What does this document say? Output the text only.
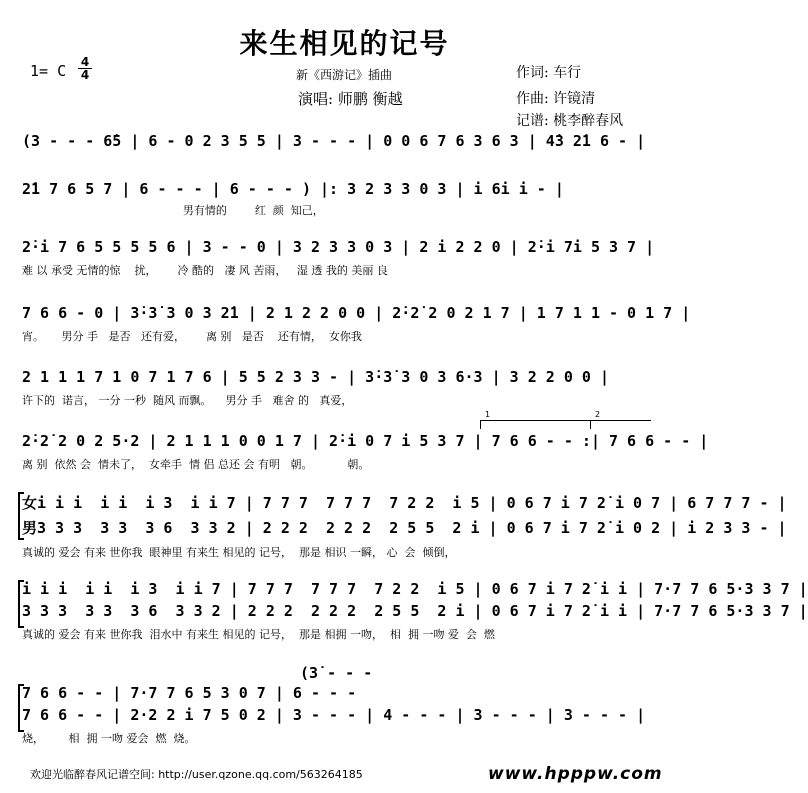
来生相见的记号
1= C 4
4	新《西游记》插曲
演唱: 师鹏 衡越
作词: 车行
作曲: 许镜清
记谱: 桃李醉春风
(3 - - - 6̇5 | 6 - 0 2 3 5 5 | 3 - - - | 0 0 6 7 6 3 6 3 | 4̇3 2̇1 6 - |
2̇1 7 6 5 7 | 6 - - - | 6 - - - ) |: 3 2 3 3 0 3 | i 6i i - |
男有情的        红  颜  知己，
2̇·i 7 6 5 5 5 5 6 | 3 - - 0 | 3 2 3 3 0 3 | 2 i 2 2 0 | 2̇·i 7i 5 3 7 |
难 以 承受 无情的惊    扰，      冷 酷的   凄 风 苦雨，   湿 透 我的 美丽 良
7 6 6 - 0 | 3̇·3̇ 3 0 3 2̇1 | 2 1 2 2 0 0 | 2̇·2̇ 2 0 2 1 7 | 1 7 1 1 - 0 1 7 |
宵。     男分 手   是否   还有爱，      离 别   是否    还有情，  女你我
2 1 1 1 7 1 0 7 1 7 6 | 5 5 2 3 3 - | 3̇·3̇ 3 0 3 6·3 | 3 2 2 0 0 |
许下的  诺言， 一分 一秒  随风 而飘。    男分 手   难舍 的   真爱，
1	2
2̇·2̇ 2 0 2 5·2 | 2 1 1 1 0 0 1 7 | 2̇·i 0 7 i 5 3 7 | 7 6 6 - - :| 7 6 6 - - |
离 别  依然 会  情未了，  女牵手  情 侣 总还 会 有明   朝。          朝。
女i i i  i i  i 3  i i 7 | 7 7 7  7 7 7  7 2 2  i 5 | 0 6 7 i 7 2̇ i 0 7 | 6 7 7 7 - |
男3 3 3  3 3  3 6  3 3 2 | 2 2 2  2 2 2  2 5 5  2 i | 0 6 7 i 7 2̇ i 0 2 | i 2 3 3 - |
真诚的 爱会 有来 世你我  眼神里 有来生 相见的 记号，  那是 相识 一瞬， 心  会  倾倒，
i i i  i i  i 3  i i 7 | 7 7 7  7 7 7  7 2 2  i 5 | 0 6 7 i 7 2̇ i i | 7·7 7 6 5·3 3 7 |
3 3 3  3 3  3 6  3 3 2 | 2 2 2  2 2 2  2 5 5  2 i | 0 6 7 i 7 2̇ i i | 7·7 7 6 5·3 3 7 |
真诚的 爱会 有来 世你我  泪水中 有来生 相见的 记号，  那是 相拥 一吻，  相  拥 一吻 爱  会  燃
(3̇ - - -
7 6 6 - - | 7·7 7 6 5 3 0 7 | 6 - - -
7 6 6 - - | 2·2 2 i 7 5 0 2 | 3 - - - | 4 - - - | 3 - - - | 3 - - - |
烧，       相  拥 一吻 爱会  燃  烧。
欢迎光临醉春风记谱空间: http://user.qzone.qq.com/563264185	www.hpppw.com
